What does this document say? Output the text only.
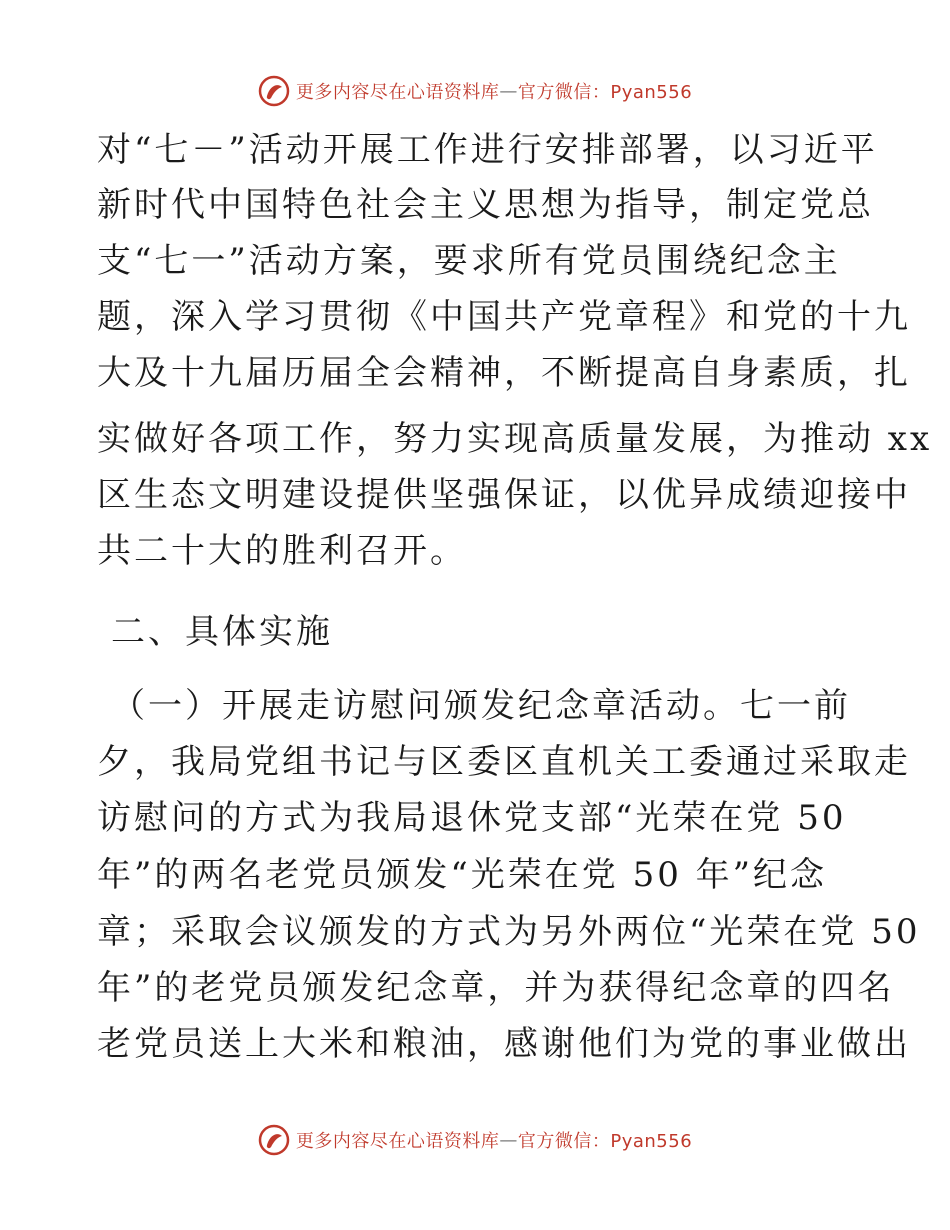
更多内容尽在心语资料库 — 官方微信：Pyan556
对“七－”活动开展工作进行安排部署，以习近平
新时代中国特色社会主义思想为指导，制定党总
支“七一”活动方案，要求所有党员围绕纪念主
题，深入学习贯彻《中国共产党章程》和党的十九
大及十九届历届全会精神，不断提高自身素质，扎
实做好各项工作，努力实现高质量发展，为推动 xx
区生态文明建设提供坚强保证，以优异成绩迎接中
共二十大的胜利召开。
二、具体实施
（一）开展走访慰问颁发纪念章活动。七一前
夕，我局党组书记与区委区直机关工委通过采取走
访慰问的方式为我局退休党支部“光荣在党 50
年”的两名老党员颁发“光荣在党 50 年”纪念
章；采取会议颁发的方式为另外两位“光荣在党 50
年”的老党员颁发纪念章，并为获得纪念章的四名
老党员送上大米和粮油，感谢他们为党的事业做出
更多内容尽在心语资料库 — 官方微信：Pyan556
